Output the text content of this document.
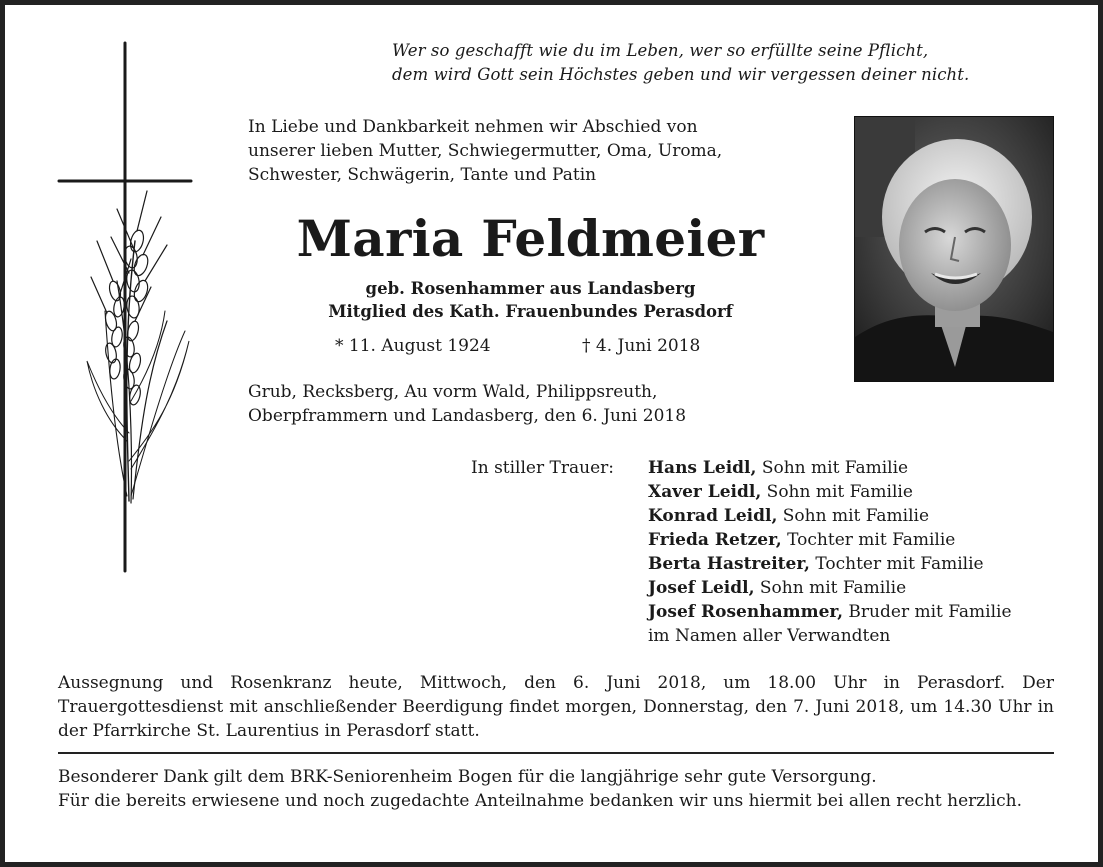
Wer so geschafft wie du im Leben, wer so erfüllte seine Pflicht,

dem wird Gott sein Höchstes geben und wir vergessen deiner nicht.

In Liebe und Dankbarkeit nehmen wir Abschied von

unserer lieben Mutter, Schwiegermutter, Oma, Uroma,

Schwester, Schwägerin, Tante und Patin

Maria Feldmeier

geb. Rosenhammer aus Landasberg

Mitglied des Kath. Frauenbundes Perasdorf

* 11. August 1924	† 4. Juni 2018

Grub, Recksberg, Au vorm Wald, Philippsreuth,

Oberpframmern und Landasberg, den 6. Juni 2018

In stiller Trauer: Hans Leidl, Sohn mit Familie

Xaver Leidl, Sohn mit Familie

Konrad Leidl, Sohn mit Familie

Frieda Retzer, Tochter mit Familie

Berta Hastreiter, Tochter mit Familie

Josef Leidl, Sohn mit Familie

Josef Rosenhammer, Bruder mit Familie

im Namen aller Verwandten

Aussegnung und Rosenkranz heute, Mittwoch, den 6. Juni 2018, um 18.00 Uhr in Perasdorf. Der Trauergottesdienst mit anschließender Beerdigung findet morgen, Donnerstag, den 7. Juni 2018, um 14.30 Uhr in der Pfarrkirche St. Laurentius in Perasdorf statt.

Besonderer Dank gilt dem BRK-Seniorenheim Bogen für die langjährige sehr gute Versorgung.

Für die bereits erwiesene und noch zugedachte Anteilnahme bedanken wir uns hiermit bei allen recht herzlich.
